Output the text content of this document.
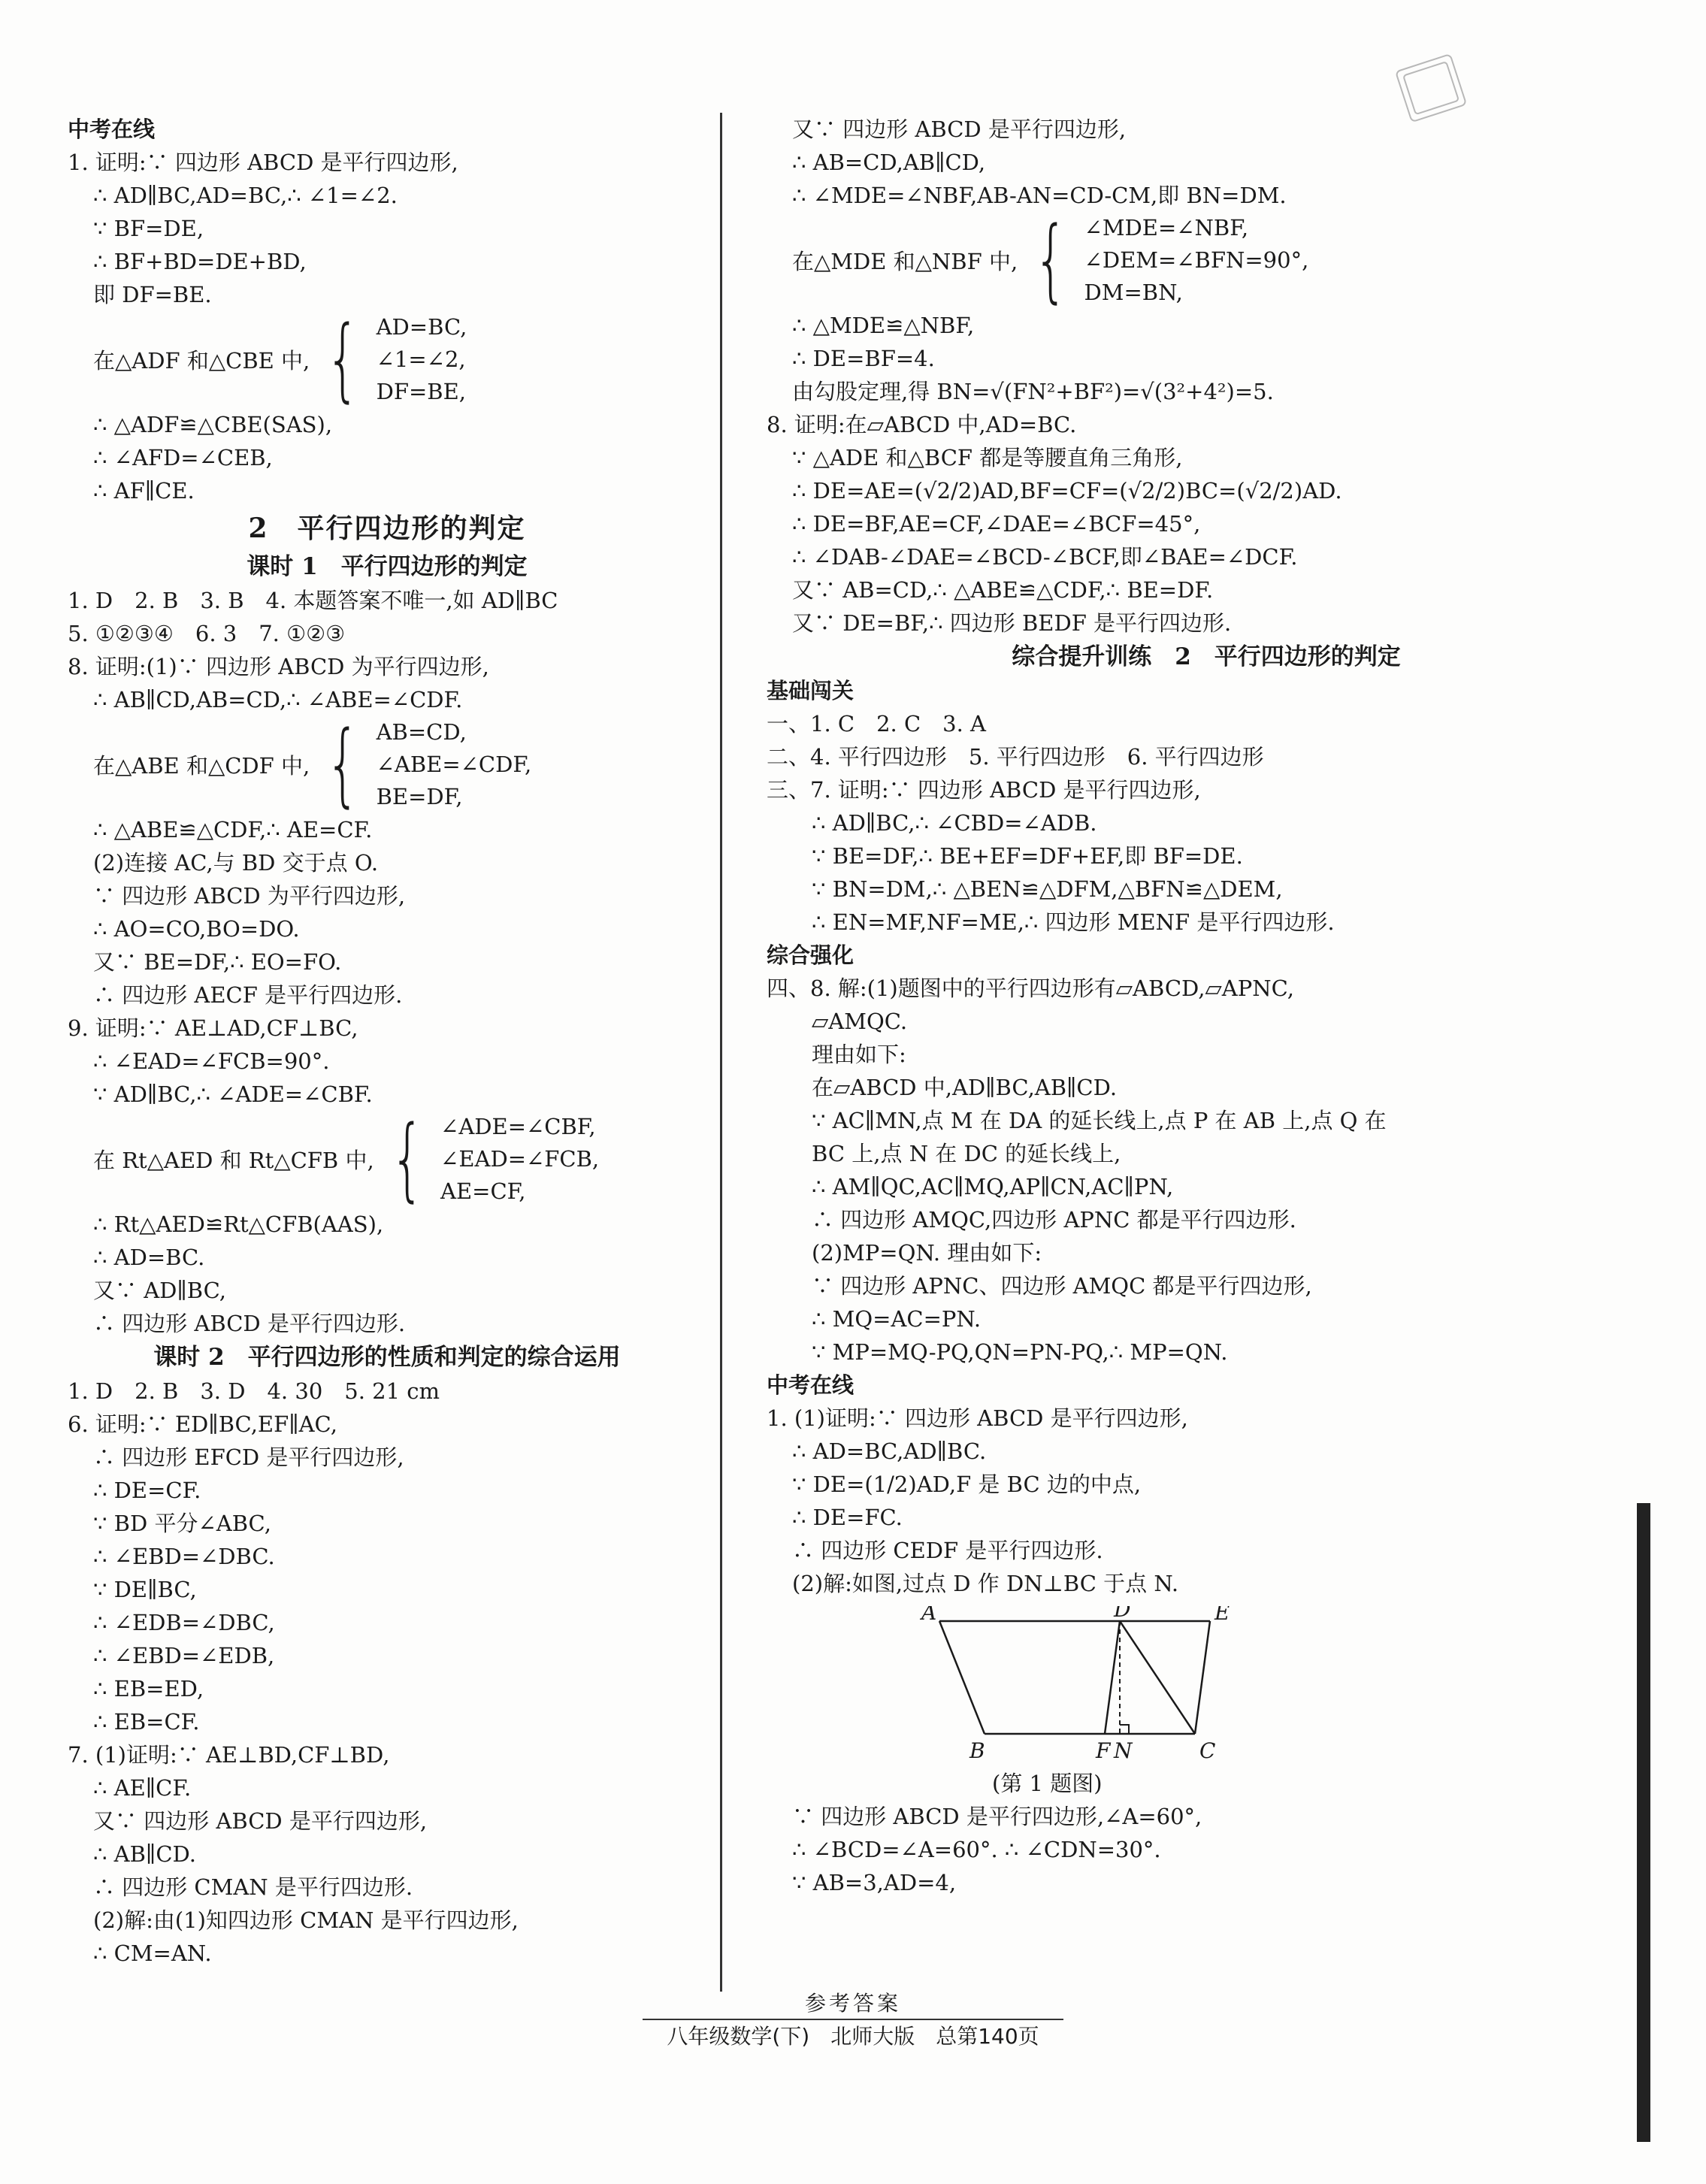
中考在线
1. 证明:∵ 四边形 ABCD 是平行四边形,
∴ AD∥BC,AD=BC,∴ ∠1=∠2.
∵ BF=DE,
∴ BF+BD=DE+BD,
即 DF=BE.
在△ADF 和△CBE 中, { AD=BC,
∠1=∠2,
DF=BE,
∴ △ADF≌△CBE(SAS),
∴ ∠AFD=∠CEB,
∴ AF∥CE.
2　平行四边形的判定
课时 1　平行四边形的判定
1. D　2. B　3. B　4. 本题答案不唯一,如 AD∥BC
5. ①②③④　6. 3　7. ①②③
8. 证明:(1)∵ 四边形 ABCD 为平行四边形,
∴ AB∥CD,AB=CD,∴ ∠ABE=∠CDF.
在△ABE 和△CDF 中, { AB=CD,
∠ABE=∠CDF,
BE=DF,
∴ △ABE≌△CDF,∴ AE=CF.
(2)连接 AC,与 BD 交于点 O.
∵ 四边形 ABCD 为平行四边形,
∴ AO=CO,BO=DO.
又∵ BE=DF,∴ EO=FO.
∴ 四边形 AECF 是平行四边形.
9. 证明:∵ AE⊥AD,CF⊥BC,
∴ ∠EAD=∠FCB=90°.
∵ AD∥BC,∴ ∠ADE=∠CBF.
在 Rt△AED 和 Rt△CFB 中, { ∠ADE=∠CBF,
∠EAD=∠FCB,
AE=CF,
∴ Rt△AED≌Rt△CFB(AAS),
∴ AD=BC.
又∵ AD∥BC,
∴ 四边形 ABCD 是平行四边形.
课时 2　平行四边形的性质和判定的综合运用
1. D　2. B　3. D　4. 30　5. 21 cm
6. 证明:∵ ED∥BC,EF∥AC,
∴ 四边形 EFCD 是平行四边形,
∴ DE=CF.
∵ BD 平分∠ABC,
∴ ∠EBD=∠DBC.
∵ DE∥BC,
∴ ∠EDB=∠DBC,
∴ ∠EBD=∠EDB,
∴ EB=ED,
∴ EB=CF.
7. (1)证明:∵ AE⊥BD,CF⊥BD,
∴ AE∥CF.
又∵ 四边形 ABCD 是平行四边形,
∴ AB∥CD.
∴ 四边形 CMAN 是平行四边形.
(2)解:由(1)知四边形 CMAN 是平行四边形,
∴ CM=AN.
又∵ 四边形 ABCD 是平行四边形,
∴ AB=CD,AB∥CD,
∴ ∠MDE=∠NBF,AB-AN=CD-CM,即 BN=DM.
在△MDE 和△NBF 中, { ∠MDE=∠NBF,
∠DEM=∠BFN=90°,
DM=BN,
∴ △MDE≌△NBF,
∴ DE=BF=4.
由勾股定理,得 BN=√(FN²+BF²)=√(3²+4²)=5.
8. 证明:在▱ABCD 中,AD=BC.
∵ △ADE 和△BCF 都是等腰直角三角形,
∴ DE=AE=(√2/2)AD,BF=CF=(√2/2)BC=(√2/2)AD.
∴ DE=BF,AE=CF,∠DAE=∠BCF=45°,
∴ ∠DAB-∠DAE=∠BCD-∠BCF,即∠BAE=∠DCF.
又∵ AB=CD,∴ △ABE≌△CDF,∴ BE=DF.
又∵ DE=BF,∴ 四边形 BEDF 是平行四边形.
综合提升训练　2　平行四边形的判定
基础闯关
一、1. C　2. C　3. A
二、4. 平行四边形　5. 平行四边形　6. 平行四边形
三、7. 证明:∵ 四边形 ABCD 是平行四边形,
∴ AD∥BC,∴ ∠CBD=∠ADB.
∵ BE=DF,∴ BE+EF=DF+EF,即 BF=DE.
∵ BN=DM,∴ △BEN≌△DFM,△BFN≌△DEM,
∴ EN=MF,NF=ME,∴ 四边形 MENF 是平行四边形.
综合强化
四、8. 解:(1)题图中的平行四边形有▱ABCD,▱APNC,
▱AMQC.
理由如下:
在▱ABCD 中,AD∥BC,AB∥CD.
∵ AC∥MN,点 M 在 DA 的延长线上,点 P 在 AB 上,点 Q 在
BC 上,点 N 在 DC 的延长线上,
∴ AM∥QC,AC∥MQ,AP∥CN,AC∥PN,
∴ 四边形 AMQC,四边形 APNC 都是平行四边形.
(2)MP=QN. 理由如下:
∵ 四边形 APNC、四边形 AMQC 都是平行四边形,
∴ MQ=AC=PN.
∵ MP=MQ-PQ,QN=PN-PQ,∴ MP=QN.
中考在线
1. (1)证明:∵ 四边形 ABCD 是平行四边形,
∴ AD=BC,AD∥BC.
∵ DE=(1/2)AD,F 是 BC 边的中点,
∴ DE=FC.
∴ 四边形 CEDF 是平行四边形.
(2)解:如图,过点 D 作 DN⊥BC 于点 N.
A	D	E
B	F N	C
(第 1 题图)
∵ 四边形 ABCD 是平行四边形,∠A=60°,
∴ ∠BCD=∠A=60°. ∴ ∠CDN=30°.
∵ AB=3,AD=4,
参考答案
八年级数学(下)　北师大版　总第140页
